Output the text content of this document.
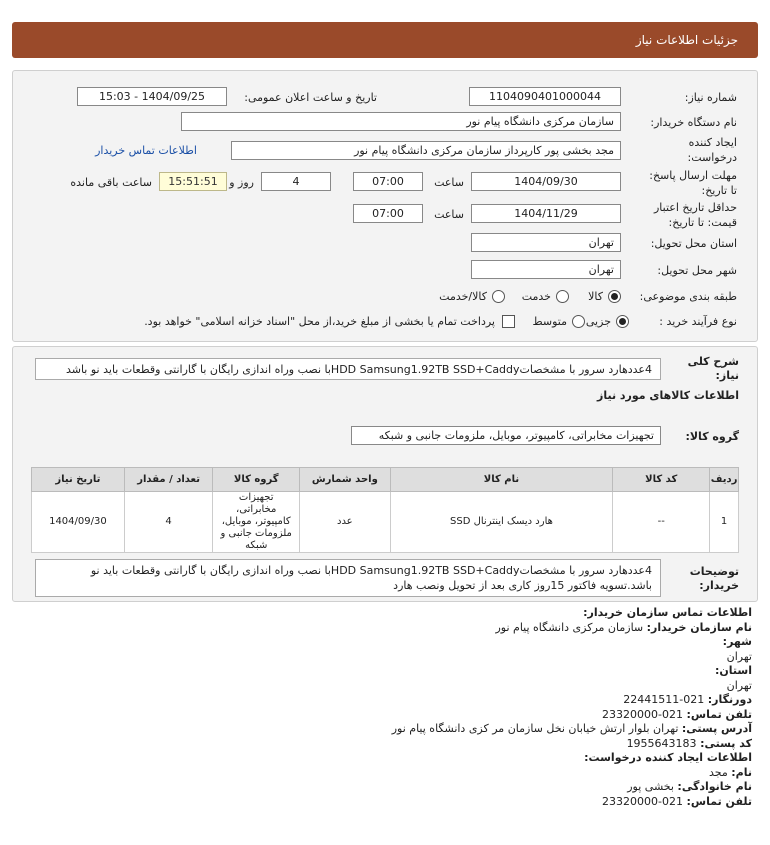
جزئیات اطلاعات نیاز
شماره نیاز:
1104090401000044
تاریخ و ساعت اعلان عمومی:
1404/09/25 - 15:03
نام دستگاه خریدار:
سازمان مرکزی دانشگاه پیام نور
ایجاد کننده
درخواست:
مجد بخشی پور کارپرداز سازمان مرکزی دانشگاه پیام نور
اطلاعات تماس خریدار
مهلت ارسال پاسخ:
تا تاریخ:
1404/09/30
ساعت
07:00
4
روز و
15:51:51
ساعت باقی مانده
حداقل تاریخ اعتبار
قیمت: تا تاریخ:
1404/11/29
ساعت
07:00
استان محل تحویل:
تهران
شهر محل تحویل:
تهران
طبقه بندی موضوعی:
کالا
خدمت
کالا/خدمت
نوع فرآیند خرید :
جزیی
متوسط
پرداخت تمام یا بخشی از مبلغ خرید،از محل "اسناد خزانه اسلامی" خواهد بود.
شرح کلی
نیاز:
4عددهارد سرور با مشخصاتHDD Samsung1.92TB SSD+Caddyبا نصب وراه اندازی رایگان با گارانتی وقطعات باید نو باشد
اطلاعات کالاهای مورد نیاز
گروه کالا:
تجهیزات مخابراتی، کامپیوتر، موبایل، ملزومات جانبی و شبکه
ردیف	کد کالا	نام کالا	واحد شمارش	گروه کالا	تعداد / مقدار	تاریخ نیاز
1	--	هارد دیسک اینترنال SSD	عدد	تجهیزات مخابراتی، کامپیوتر، موبایل، ملزومات جانبی و شبکه	4	1404/09/30
توضیحات
خریدار:
4عددهارد سرور با مشخصاتHDD Samsung1.92TB SSD+Caddyبا نصب وراه اندازی رایگان با گارانتی وقطعات باید نو
باشد.تسویه فاکتور 15روز کاری بعد از تحویل ونصب هارد
اطلاعات تماس سازمان خریدار:
نام سازمان خریدار: سازمان مرکزی دانشگاه پیام نور
شهر:
تهران
استان:
تهران
دورنگار: 021-22441511
تلفن تماس: 021-23320000
آدرس پستی: تهران بلوار ارتش خیابان نخل سازمان مر کزی دانشگاه پیام نور
کد پستی: 1955643183
اطلاعات ایجاد کننده درخواست:
نام: مجد
نام خانوادگی: بخشی پور
تلفن تماس: 021-23320000
